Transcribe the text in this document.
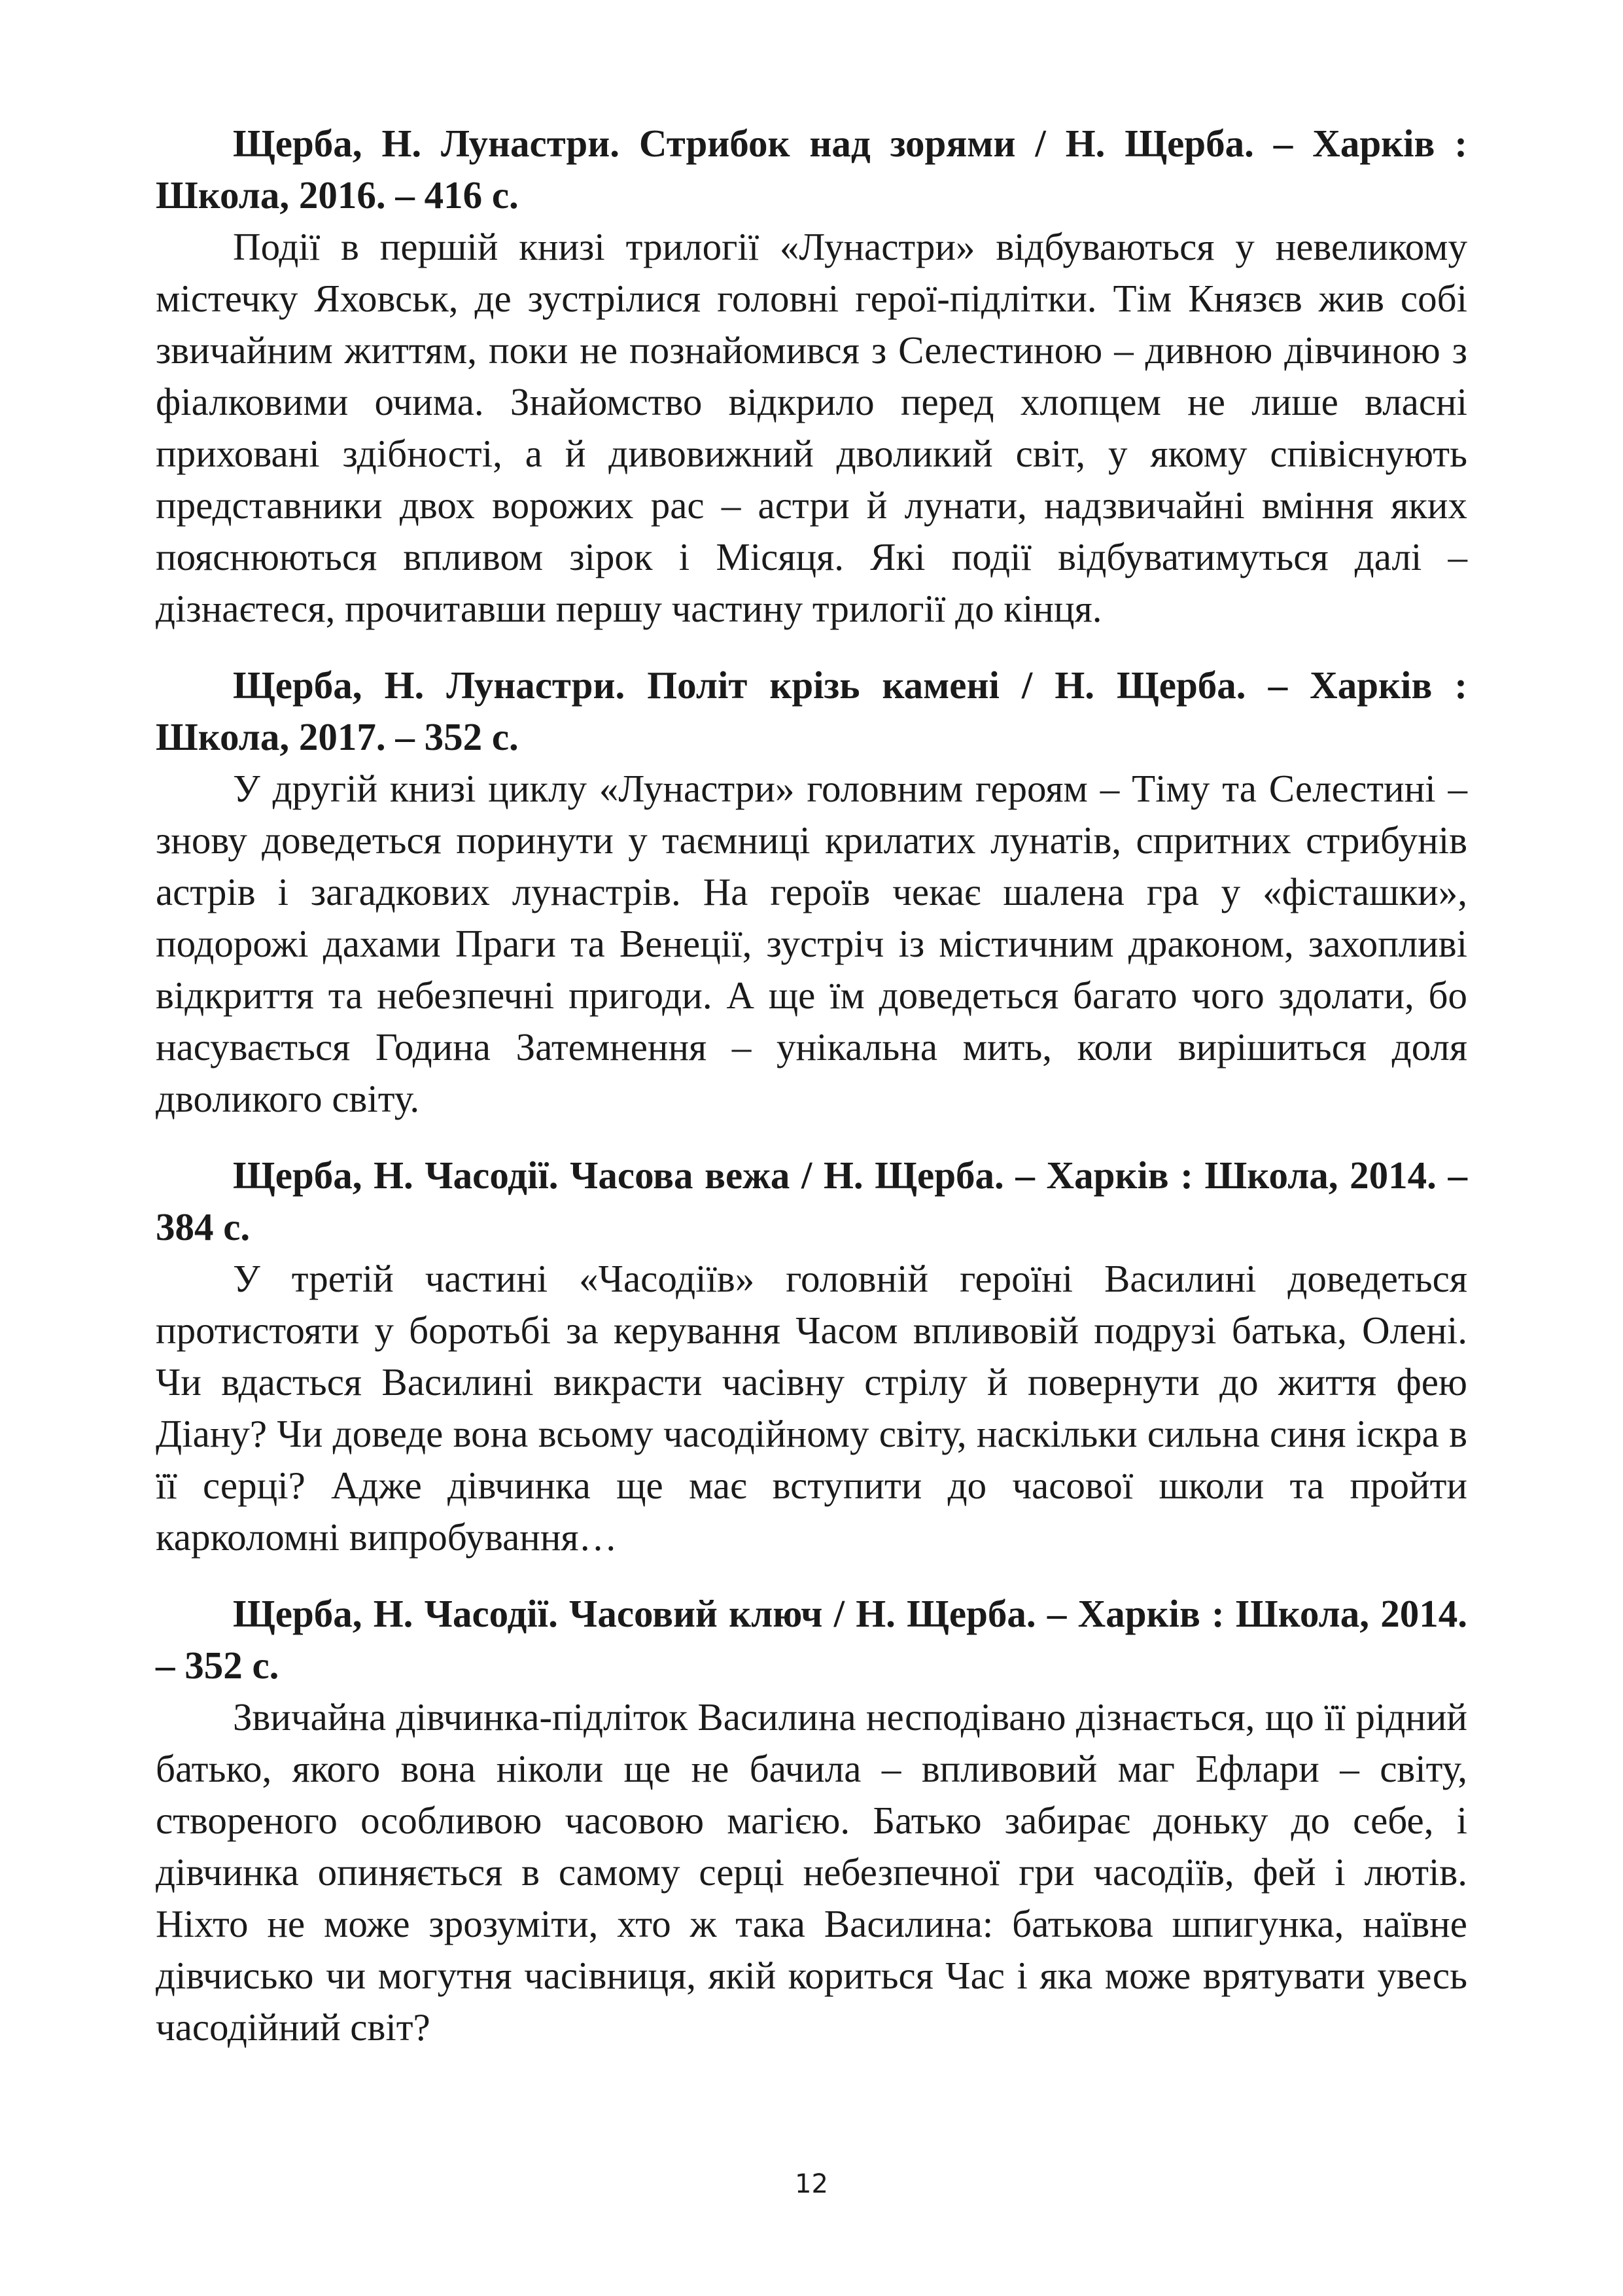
Щерба, Н. Лунастри. Стрибок над зорями / Н. Щерба. – Харків : Школа, 2016. – 416 с.

Події в першій книзі трилогії «Лунастри» відбуваються у невеликому містечку Яховськ, де зустрілися головні герої-підлітки. Тім Князєв жив собі звичайним життям, поки не познайомився з Селестиною – дивною дівчиною з фіалковими очима. Знайомство відкрило перед хлопцем не лише власні приховані здібності, а й дивовижний дволикий світ, у якому співіснують представники двох ворожих рас – астри й лунати, надзвичайні вміння яких пояснюються впливом зірок і Місяця. Які події відбуватимуться далі – дізнаєтеся, прочитавши першу частину трилогії до кінця.

Щерба, Н. Лунастри. Політ крізь камені / Н. Щерба. – Харків : Школа, 2017. – 352 с.

У другій книзі циклу «Лунастри» головним героям – Тіму та Селестині – знову доведеться поринути у таємниці крилатих лунатів, спритних стрибунів астрів і загадкових лунастрів. На героїв чекає шалена гра у «фісташки», подорожі дахами Праги та Венеції, зустріч із містичним драконом, захопливі відкриття та небезпечні пригоди. А ще їм доведеться багато чого здолати, бо насувається Година Затемнення – унікальна мить, коли вирішиться доля дволикого світу.

Щерба, Н. Часодії. Часова вежа / Н. Щерба. – Харків : Школа, 2014. – 384 с.

У третій частині «Часодіїв» головній героїні Василині доведеться протистояти у боротьбі за керування Часом впливовій подрузі батька, Олені. Чи вдасться Василині викрасти часівну стрілу й повернути до життя фею Діану? Чи доведе вона всьому часодійному світу, наскільки сильна синя іскра в її серці? Адже дівчинка ще має вступити до часової школи та пройти карколомні випробування…

Щерба, Н. Часодії. Часовий ключ / Н. Щерба. – Харків : Школа, 2014. – 352 с.

Звичайна дівчинка-підліток Василина несподівано дізнається, що її рідний батько, якого вона ніколи ще не бачила – впливовий маг Ефлари – світу, створеного особливою часовою магією. Батько забирає доньку до себе, і дівчинка опиняється в самому серці небезпечної гри часодіїв, фей і лютів. Ніхто не може зрозуміти, хто ж така Василина: батькова шпигунка, наївне дівчисько чи могутня часівниця, якій кориться Час і яка може врятувати увесь часодійний світ?

12
